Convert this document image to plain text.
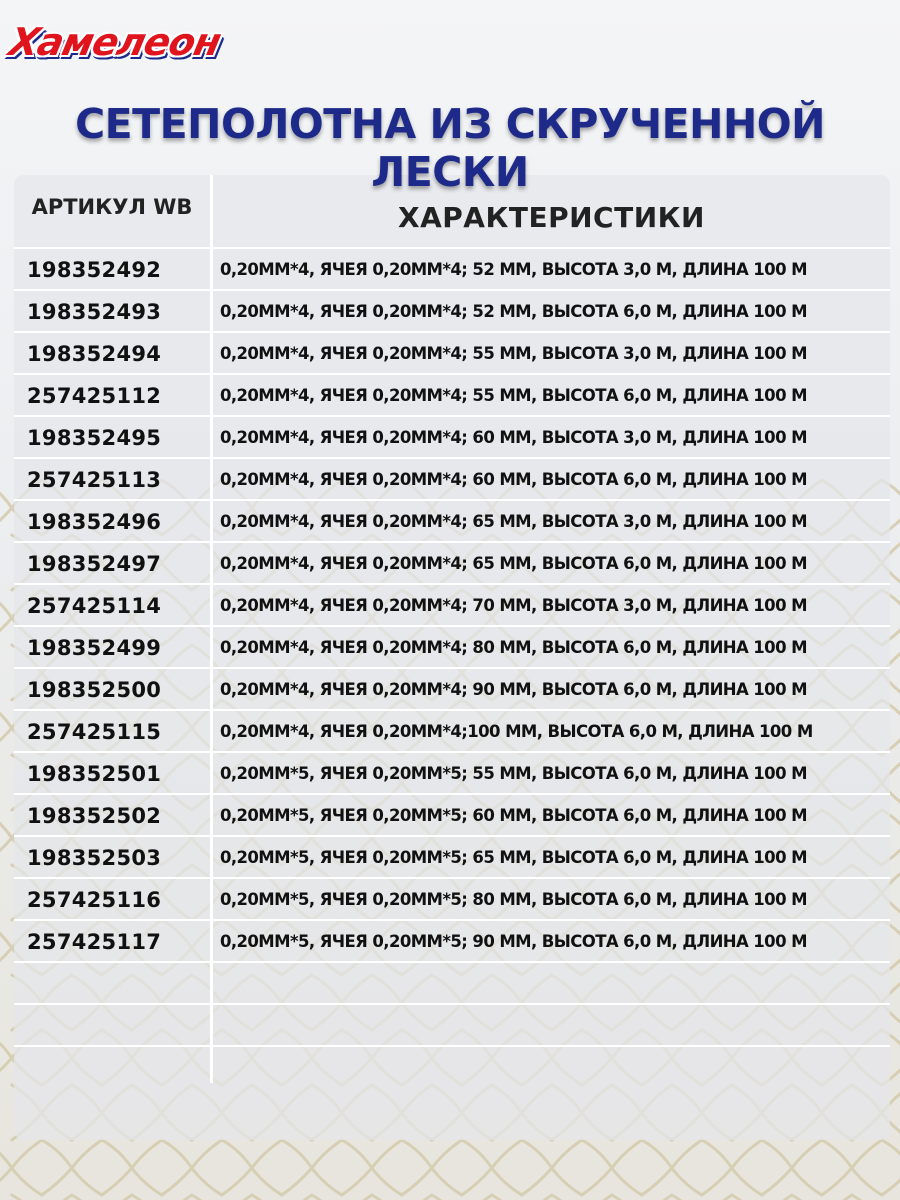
Хамелеон
СЕТЕПОЛОТНА ИЗ СКРУЧЕННОЙ ЛЕСКИ
АРТИКУЛ WB	ХАРАКТЕРИСТИКИ
198352492	0,20ММ*4, ЯЧЕЯ 0,20ММ*4; 52 ММ, ВЫСОТА 3,0 М, ДЛИНА 100 М
198352493	0,20ММ*4, ЯЧЕЯ 0,20ММ*4; 52 ММ, ВЫСОТА 6,0 М, ДЛИНА 100 М
198352494	0,20ММ*4, ЯЧЕЯ 0,20ММ*4; 55 ММ, ВЫСОТА 3,0 М, ДЛИНА 100 М
257425112	0,20ММ*4, ЯЧЕЯ 0,20ММ*4; 55 ММ, ВЫСОТА 6,0 М, ДЛИНА 100 М
198352495	0,20ММ*4, ЯЧЕЯ 0,20ММ*4; 60 ММ, ВЫСОТА 3,0 М, ДЛИНА 100 М
257425113	0,20ММ*4, ЯЧЕЯ 0,20ММ*4; 60 ММ, ВЫСОТА 6,0 М, ДЛИНА 100 М
198352496	0,20ММ*4, ЯЧЕЯ 0,20ММ*4; 65 ММ, ВЫСОТА 3,0 М, ДЛИНА 100 М
198352497	0,20ММ*4, ЯЧЕЯ 0,20ММ*4; 65 ММ, ВЫСОТА 6,0 М, ДЛИНА 100 М
257425114	0,20ММ*4, ЯЧЕЯ 0,20ММ*4; 70 ММ, ВЫСОТА 3,0 М, ДЛИНА 100 М
198352499	0,20ММ*4, ЯЧЕЯ 0,20ММ*4; 80 ММ, ВЫСОТА 6,0 М, ДЛИНА 100 М
198352500	0,20ММ*4, ЯЧЕЯ 0,20ММ*4; 90 ММ, ВЫСОТА 6,0 М, ДЛИНА 100 М
257425115	0,20ММ*4, ЯЧЕЯ 0,20ММ*4;100 ММ, ВЫСОТА 6,0 М, ДЛИНА 100 М
198352501	0,20ММ*5, ЯЧЕЯ 0,20ММ*5; 55 ММ, ВЫСОТА 6,0 М, ДЛИНА 100 М
198352502	0,20ММ*5, ЯЧЕЯ 0,20ММ*5; 60 ММ, ВЫСОТА 6,0 М, ДЛИНА 100 М
198352503	0,20ММ*5, ЯЧЕЯ 0,20ММ*5; 65 ММ, ВЫСОТА 6,0 М, ДЛИНА 100 М
257425116	0,20ММ*5, ЯЧЕЯ 0,20ММ*5; 80 ММ, ВЫСОТА 6,0 М, ДЛИНА 100 М
257425117	0,20ММ*5, ЯЧЕЯ 0,20ММ*5; 90 ММ, ВЫСОТА 6,0 М, ДЛИНА 100 М
